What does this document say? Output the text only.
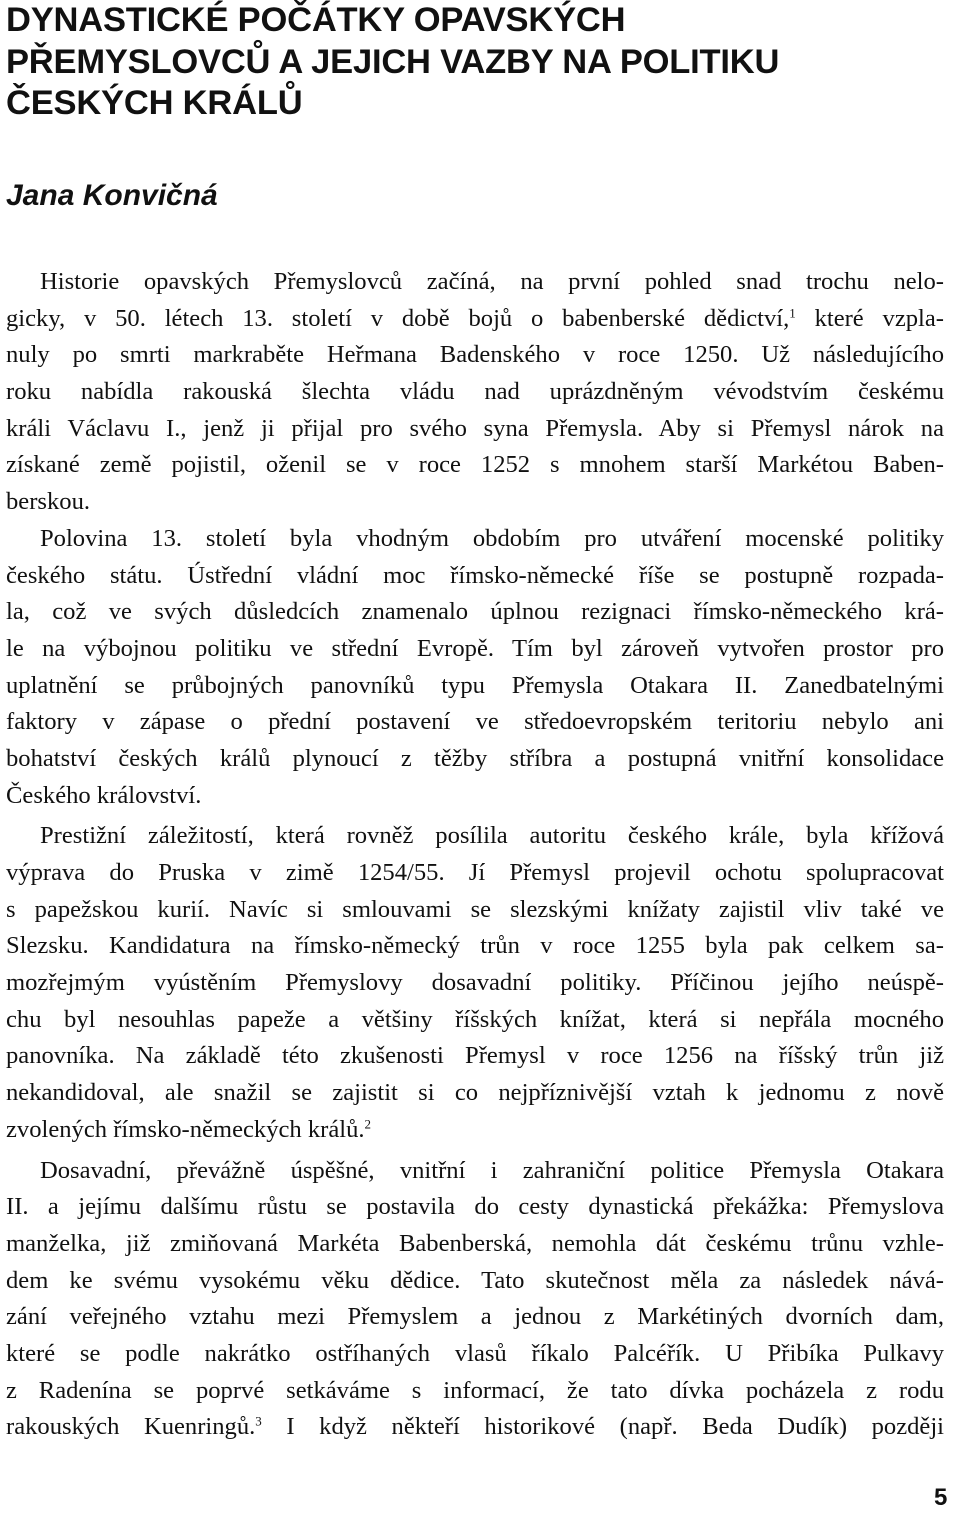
DYNASTICKÉ POČÁTKY OPAVSKÝCH
PŘEMYSLOVCŮ A JEJICH VAZBY NA POLITIKU
ČESKÝCH KRÁLŮ
Jana Konvičná
Historie opavských Přemyslovců začíná, na první pohled snad trochu nelo-
gicky, v 50. létech 13. století v době bojů o babenberské dědictví,$^1$ které vzpla-
nuly po smrti markraběte Heřmana Badenského v roce 1250. Už následujícího
roku nabídla rakouská šlechta vládu nad uprázdněným vévodstvím českému
králi Václavu I., jenž ji přijal pro svého syna Přemysla. Aby si Přemysl nárok na
získané země pojistil, oženil se v roce 1252 s mnohem starší Markétou Baben-
berskou.
Polovina 13. století byla vhodným obdobím pro utváření mocenské politiky
českého státu. Ústřední vládní moc římsko-německé říše se postupně rozpada-
la, což ve svých důsledcích znamenalo úplnou rezignaci římsko-německého krá-
le na výbojnou politiku ve střední Evropě. Tím byl zároveň vytvořen prostor pro
uplatnění se průbojných panovníků typu Přemysla Otakara II. Zanedbatelnými
faktory v zápase o přední postavení ve středoevropském teritoriu nebylo ani
bohatství českých králů plynoucí z těžby stříbra a postupná vnitřní konsolidace
Českého království.
Prestižní záležitostí, která rovněž posílila autoritu českého krále, byla křížová
výprava do Pruska v zimě 1254/55. Jí Přemysl projevil ochotu spolupracovat
s papežskou kurií. Navíc si smlouvami se slezskými knížaty zajistil vliv také ve
Slezsku. Kandidatura na římsko-německý trůn v roce 1255 byla pak celkem sa-
mozřejmým vyústěním Přemyslovy dosavadní politiky. Příčinou jejího neúspě-
chu byl nesouhlas papeže a většiny říšských knížat, která si nepřála mocného
panovníka. Na základě této zkušenosti Přemysl v roce 1256 na říšský trůn již
nekandidoval, ale snažil se zajistit si co nejpříznivější vztah k jednomu z nově
zvolených římsko-německých králů.$^2$
Dosavadní, převážně úspěšné, vnitřní i zahraniční politice Přemysla Otakara
II. a jejímu dalšímu růstu se postavila do cesty dynastická překážka: Přemyslova
manželka, již zmiňovaná Markéta Babenberská, nemohla dát českému trůnu vzhle-
dem ke svému vysokému věku dědice. Tato skutečnost měla za následek nává-
zání veřejného vztahu mezi Přemyslem a jednou z Markétiných dvorních dam,
které se podle nakrátko ostříhaných vlasů říkalo Palcéřík. U Přibíka Pulkavy
z Radenína se poprvé setkáváme s informací, že tato dívka pocházela z rodu
rakouských Kuenringů.$^3$ I když někteří historikové (např. Beda Dudík) později
5
